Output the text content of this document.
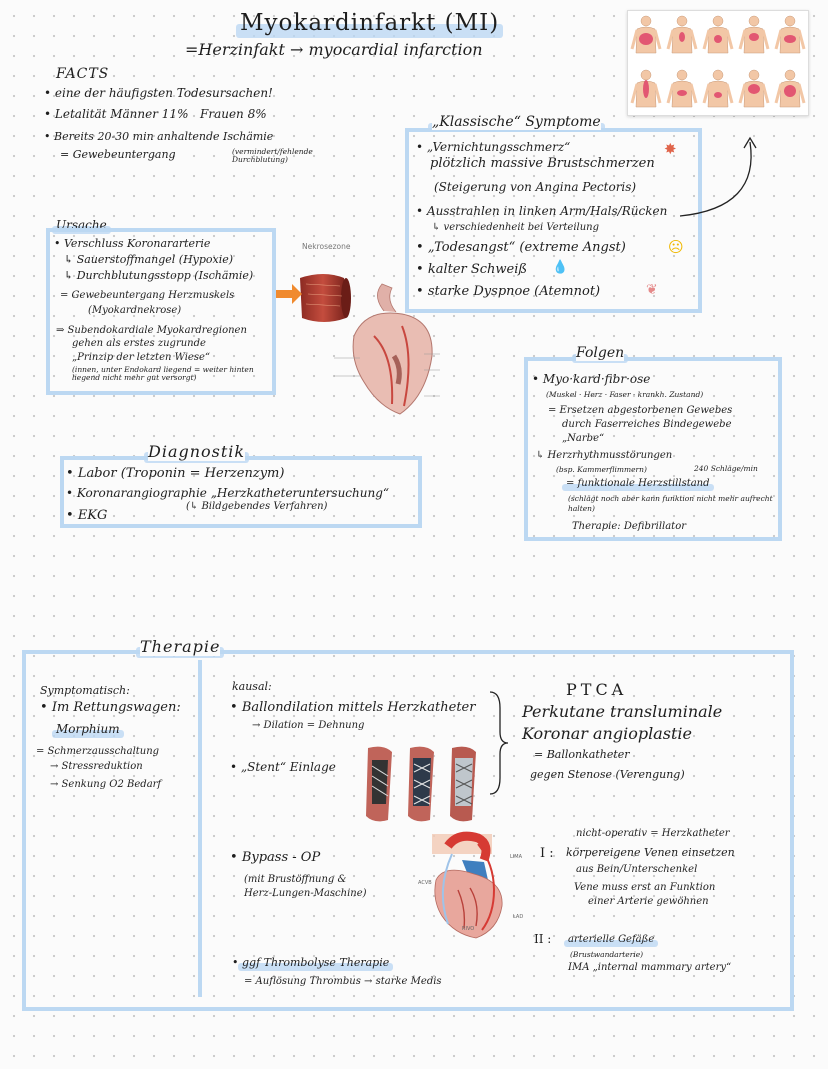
Myokardinfarkt (MI)
=Herzinfakt → myocardial infarction
FACTS
• eine der häufigsten Todesursachen!
• Letalität Männer 11% Frauen 8%
• Bereits 20-30 min anhaltende Ischämie
= Gewebeuntergang	(vermindert/fehlende Durchblutung)
Ursache
• Verschluss Koronararterie
↳ Sauerstoffmangel (Hypoxie)
↳ Durchblutungsstopp (Ischämie)
= Gewebeuntergang Herzmuskels
(Myokardnekrose)
⇒ Subendokardiale Myokardregionen
gehen als erstes zugrunde
„Prinzip der letzten Wiese“
(innen, unter Endokard liegend = weiter hinten liegend nicht mehr gut versorgt)
Nekrosezone
„Klassische“ Symptome
• „Vernichtungsschmerz“
plötzlich massive Brustschmerzen
✸
(Steigerung von Angina Pectoris)
• Ausstrahlen in linken Arm/Hals/Rücken
↳ verschiedenheit bei Verteilung
• „Todesangst“ (extreme Angst)	☹
• kalter Schweiß 💧
• starke Dyspnoe (Atemnot)	❦
Folgen
• Myo·kard·fibr·ose
(Muskel · Herz · Faser · krankh. Zustand)
= Ersetzen abgestorbenen Gewebes
durch Faserreiches Bindegewebe
„Narbe“
↳ Herzrhythmusstörungen
(bsp. Kammerflimmern)	240 Schläge/min
= funktionale Herzstillstand
(schlägt noch aber kann funktion nicht mehr aufrecht halten)
Therapie: Defibrillator
Diagnostik
• Labor (Troponin = Herzenzym)
• Koronarangiographie „Herzkatheteruntersuchung“
(↳ Bildgebendes Verfahren)
• EKG
Therapie
Symptomatisch:
• Im Rettungswagen:
Morphium
= Schmerzausschaltung
→ Stressreduktion
→ Senkung O2 Bedarf
kausal:
• Ballondilation mittels Herzkatheter
→ Dilation = Dehnung
• „Stent“ Einlage
PTCA
Perkutane transluminale
Koronar angioplastie
= Ballonkatheter
gegen Stenose (Verengung)
• Bypass - OP
(mit Brustöffnung &
Herz-Lungen-Maschine)
LIMA
LAD
ACVB
RIVO
nicht-operativ = Herzkatheter
I : körpereigene Venen einsetzen
aus Bein/Unterschenkel
Vene muss erst an Funktion
einer Arterie gewöhnen
II : arterielle Gefäße
(Brustwandarterie)
IMA „internal mammary artery“
• ggf Thrombolyse Therapie
= Auflösung Thrombus → starke Medis
